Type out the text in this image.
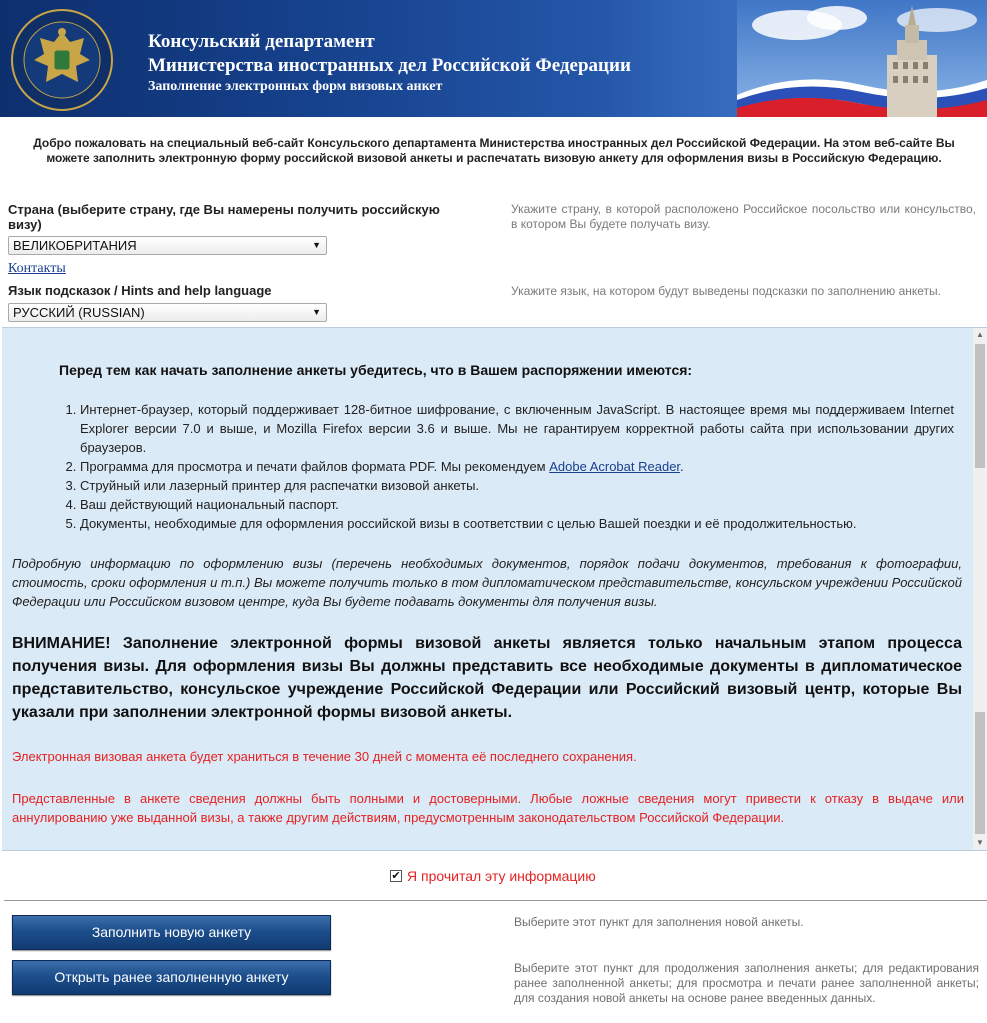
Консульский департамент
Министерства иностранных дел Российской Федерации
Заполнение электронных форм визовых анкет
Добро пожаловать на специальный веб-сайт Консульского департамента Министерства иностранных дел Российской Федерации. На этом веб-сайте Вы можете заполнить электронную форму российской визовой анкеты и распечатать визовую анкету для оформления визы в Российскую Федерацию.
Страна (выберите страну, где Вы намерены получить российскую визу)
ВЕЛИКОБРИТАНИЯ	▼
Укажите страну, в которой расположено Российское посольство или консульство, в котором Вы будете получать визу.
Контакты
Язык подсказок / Hints and help language
РУССКИЙ (RUSSIAN)	▼
Укажите язык, на котором будут выведены подсказки по заполнению анкеты.
Перед тем как начать заполнение анкеты убедитесь, что в Вашем распоряжении имеются:
1. Интернет-браузер, который поддерживает 128-битное шифрование, с включенным JavaScript. В настоящее время мы поддерживаем Internet Explorer версии 7.0 и выше, и Mozilla Firefox версии 3.6 и выше. Мы не гарантируем корректной работы сайта при использовании других браузеров.
2. Программа для просмотра и печати файлов формата PDF. Мы рекомендуем Adobe Acrobat Reader.
3. Струйный или лазерный принтер для распечатки визовой анкеты.
4. Ваш действующий национальный паспорт.
5. Документы, необходимые для оформления российской визы в соответствии с целью Вашей поездки и её продолжительностью.
Подробную информацию по оформлению визы (перечень необходимых документов, порядок подачи документов, требования к фотографии, стоимость, сроки оформления и т.п.) Вы можете получить только в том дипломатическом представительстве, консульском учреждении Российской Федерации или Российском визовом центре, куда Вы будете подавать документы для получения визы.
ВНИМАНИЕ! Заполнение электронной формы визовой анкеты является только начальным этапом процесса получения визы. Для оформления визы Вы должны представить все необходимые документы в дипломатическое представительство, консульское учреждение Российской Федерации или Российский визовый центр, которые Вы указали при заполнении электронной формы визовой анкеты.
Электронная визовая анкета будет храниться в течение 30 дней с момента её последнего сохранения.
Представленные в анкете сведения должны быть полными и достоверными. Любые ложные сведения могут привести к отказу в выдаче или аннулированию уже выданной визы, а также другим действиям, предусмотренным законодательством Российской Федерации.
▲
▼
✔ Я прочитал эту информацию
Заполнить новую анкету
Выберите этот пункт для заполнения новой анкеты.
Открыть ранее заполненную анкету
Выберите этот пункт для продолжения заполнения анкеты; для редактирования ранее заполненной анкеты; для просмотра и печати ранее заполненной анкеты; для создания новой анкеты на основе ранее введенных данных.
